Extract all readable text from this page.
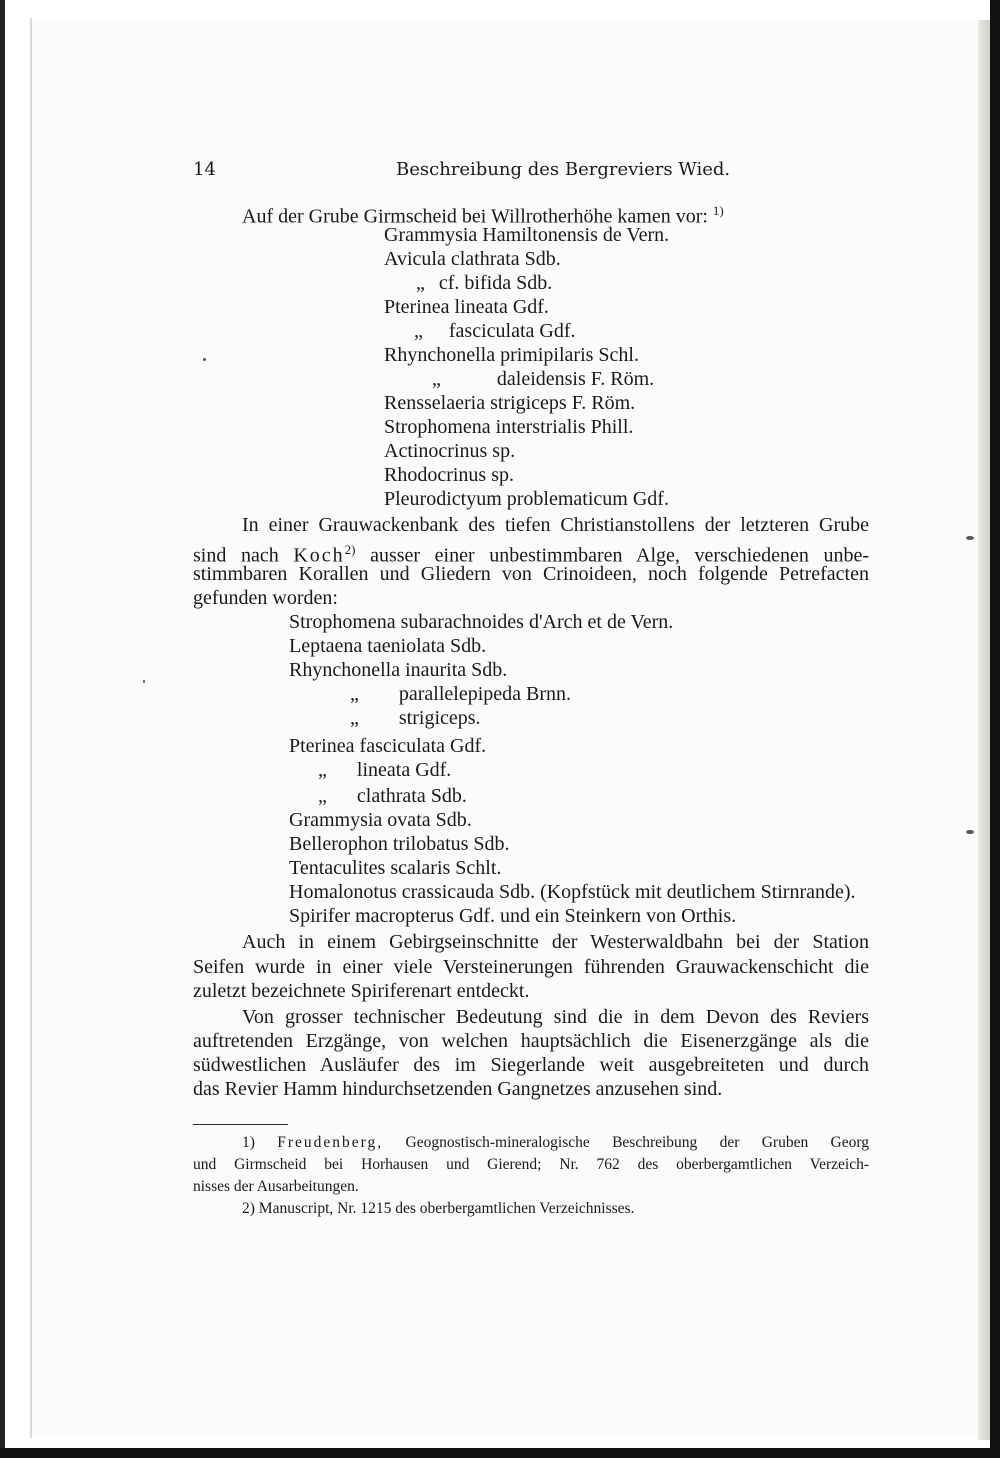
14	Beschreibung des Bergreviers Wied.
Auf der Grube Girmscheid bei Willrotherhöhe kamen vor: $^{1)}$
Grammysia Hamiltonensis de Vern.
Avicula clathrata Sdb.
„ cf. bifida Sdb.
Pterinea lineata Gdf.
„ fasciculata Gdf.
Rhynchonella primipilaris Schl.
„	daleidensis F. Röm.
Rensselaeria strigiceps F. Röm.
Strophomena interstrialis Phill.
Actinocrinus sp.
Rhodocrinus sp.
Pleurodictyum problematicum Gdf.
In einer Grauwackenbank des tiefen Christianstollens der letzteren Grube
sind nach Koch$^{2)}$ ausser einer unbestimmbaren Alge, verschiedenen unbe-
stimmbaren Korallen und Gliedern von Crinoideen, noch folgende Petrefacten
gefunden worden:
Strophomena subarachnoides d'Arch et de Vern.
Leptaena taeniolata Sdb.
Rhynchonella inaurita Sdb.
„ parallelepipeda Brnn.
„ strigiceps.
Pterinea fasciculata Gdf.
„ lineata Gdf.
„ clathrata Sdb.
Grammysia ovata Sdb.
Bellerophon trilobatus Sdb.
Tentaculites scalaris Schlt.
Homalonotus crassicauda Sdb. (Kopfstück mit deutlichem Stirnrande).
Spirifer macropterus Gdf. und ein Steinkern von Orthis.
Auch in einem Gebirgseinschnitte der Westerwaldbahn bei der Station
Seifen wurde in einer viele Versteinerungen führenden Grauwackenschicht die
zuletzt bezeichnete Spiriferenart entdeckt.
Von grosser technischer Bedeutung sind die in dem Devon des Reviers
auftretenden Erzgänge, von welchen hauptsächlich die Eisenerzgänge als die
südwestlichen Ausläufer des im Siegerlande weit ausgebreiteten und durch
das Revier Hamm hindurchsetzenden Gangnetzes anzusehen sind.
1) Freudenberg, Geognostisch-mineralogische Beschreibung der Gruben Georg
und Girmscheid bei Horhausen und Gierend; Nr. 762 des oberbergamtlichen Verzeich-
nisses der Ausarbeitungen.
2) Manuscript, Nr. 1215 des oberbergamtlichen Verzeichnisses.
